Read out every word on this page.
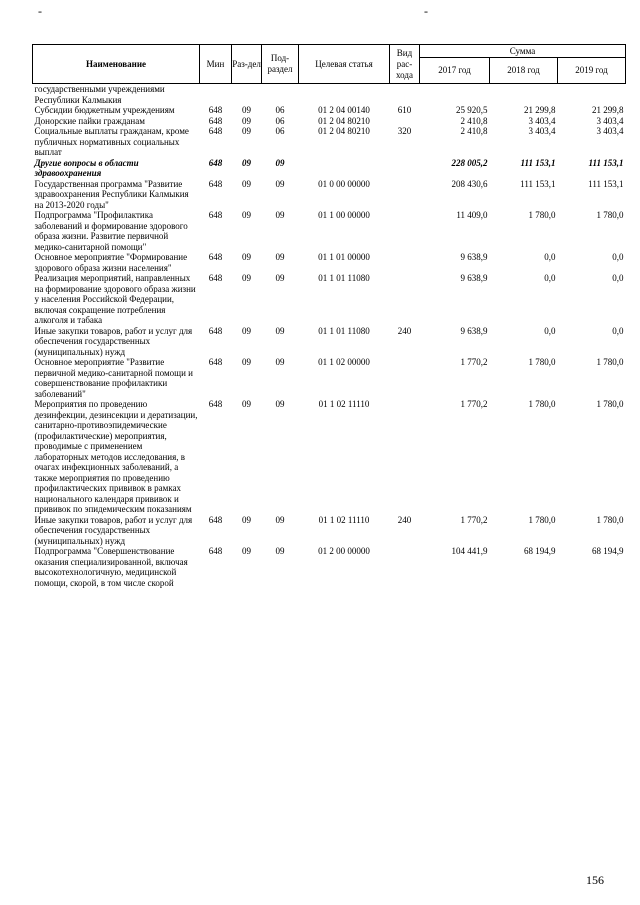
-	-
Наименование	Мин	Раз-дел	Под-раздел	Целевая статья	Вид рас-хода	Сумма		
						2017 год	2018 год	2019 год
государственными учреждениями Республики Калмыкия								
Субсидии бюджетным учреждениям	648	09	06	01 2 04 00140	610	25 920,5	21 299,8	21 299,8
Донорские пайки гражданам	648	09	06	01 2 04 80210		2 410,8	3 403,4	3 403,4
Социальные выплаты гражданам, кроме публичных нормативных социальных выплат	648	09	06	01 2 04 80210	320	2 410,8	3 403,4	3 403,4
Другие вопросы в области здравоохранения	648	09	09			228 005,2	111 153,1	111 153,1
Государственная программа "Развитие здравоохранения Республики Калмыкия на 2013-2020 годы"	648	09	09	01 0 00 00000		208 430,6	111 153,1	111 153,1
Подпрограмма "Профилактика заболеваний и формирование здорового образа жизни. Развитие первичной медико-санитарной помощи"	648	09	09	01 1 00 00000		11 409,0	1 780,0	1 780,0
Основное мероприятие "Формирование здорового образа жизни населения"	648	09	09	01 1 01 00000		9 638,9	0,0	0,0
Реализация мероприятий, направленных на формирование здорового образа жизни у населения Российской Федерации, включая сокращение потребления алкоголя и табака	648	09	09	01 1 01 11080		9 638,9	0,0	0,0
Иные закупки товаров, работ и услуг для обеспечения государственных (муниципальных) нужд	648	09	09	01 1 01 11080	240	9 638,9	0,0	0,0
Основное мероприятие "Развитие первичной медико-санитарной помощи и совершенствование профилактики заболеваний"	648	09	09	01 1 02 00000		1 770,2	1 780,0	1 780,0
Мероприятия по проведению дезинфекции, дезинсекции и дератизации, санитарно-противоэпидемические (профилактические) мероприятия, проводимые с применением лабораторных методов исследования, в очагах инфекционных заболеваний, а также мероприятия по проведению профилактических прививок в рамках национального календаря прививок и прививок по эпидемическим показаниям	648	09	09	01 1 02 11110		1 770,2	1 780,0	1 780,0
Иные закупки товаров, работ и услуг для обеспечения государственных (муниципальных) нужд	648	09	09	01 1 02 11110	240	1 770,2	1 780,0	1 780,0
Подпрограмма "Совершенствование оказания специализированной, включая высокотехнологичную, медицинской помощи, скорой, в том числе скорой	648	09	09	01 2 00 00000		104 441,9	68 194,9	68 194,9
156
